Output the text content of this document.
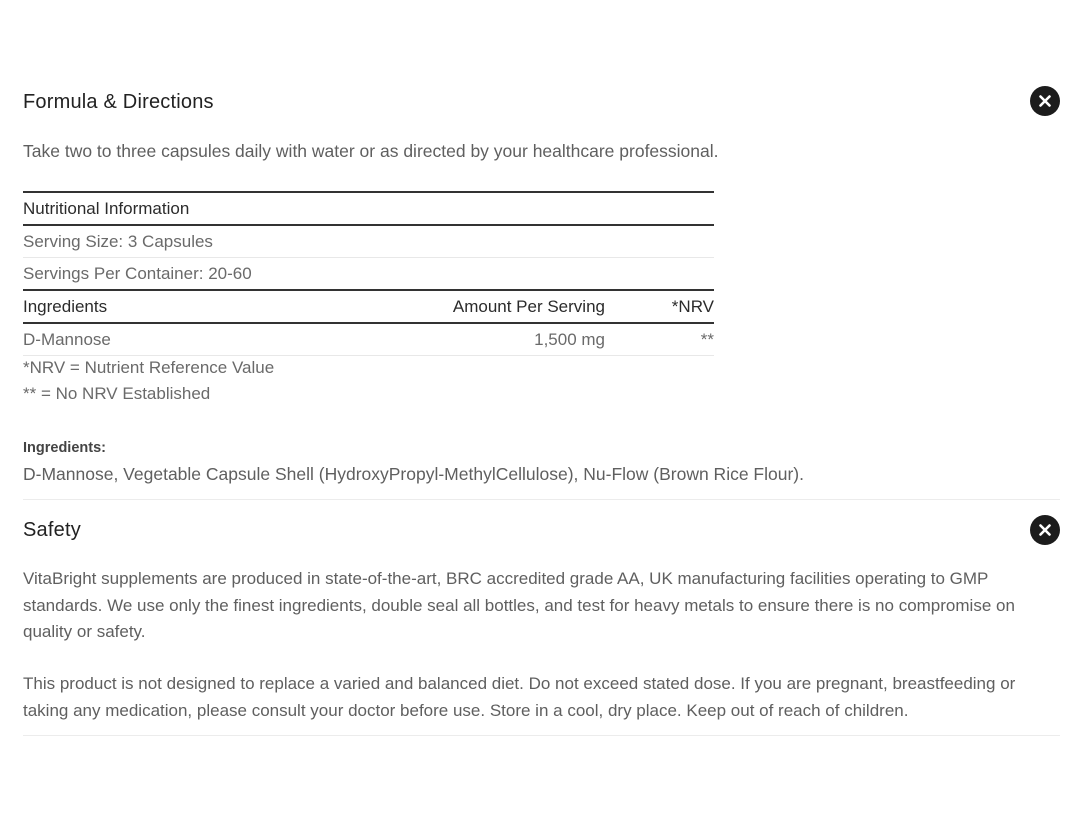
Formula & Directions
Take two to three capsules daily with water or as directed by your healthcare professional.
Nutritional Information		
Serving Size: 3 Capsules		
Servings Per Container: 20-60		
Ingredients	Amount Per Serving	*NRV
D-Mannose	1,500 mg	**
*NRV = Nutrient Reference Value
** = No NRV Established
Ingredients:
D-Mannose, Vegetable Capsule Shell (HydroxyPropyl-MethylCellulose), Nu-Flow (Brown Rice Flour).
Safety
VitaBright supplements are produced in state-of-the-art, BRC accredited grade AA, UK manufacturing facilities operating to GMP standards. We use only the finest ingredients, double seal all bottles, and test for heavy metals to ensure there is no compromise on quality or safety.
This product is not designed to replace a varied and balanced diet. Do not exceed stated dose. If you are pregnant, breastfeeding or taking any medication, please consult your doctor before use. Store in a cool, dry place. Keep out of reach of children.
